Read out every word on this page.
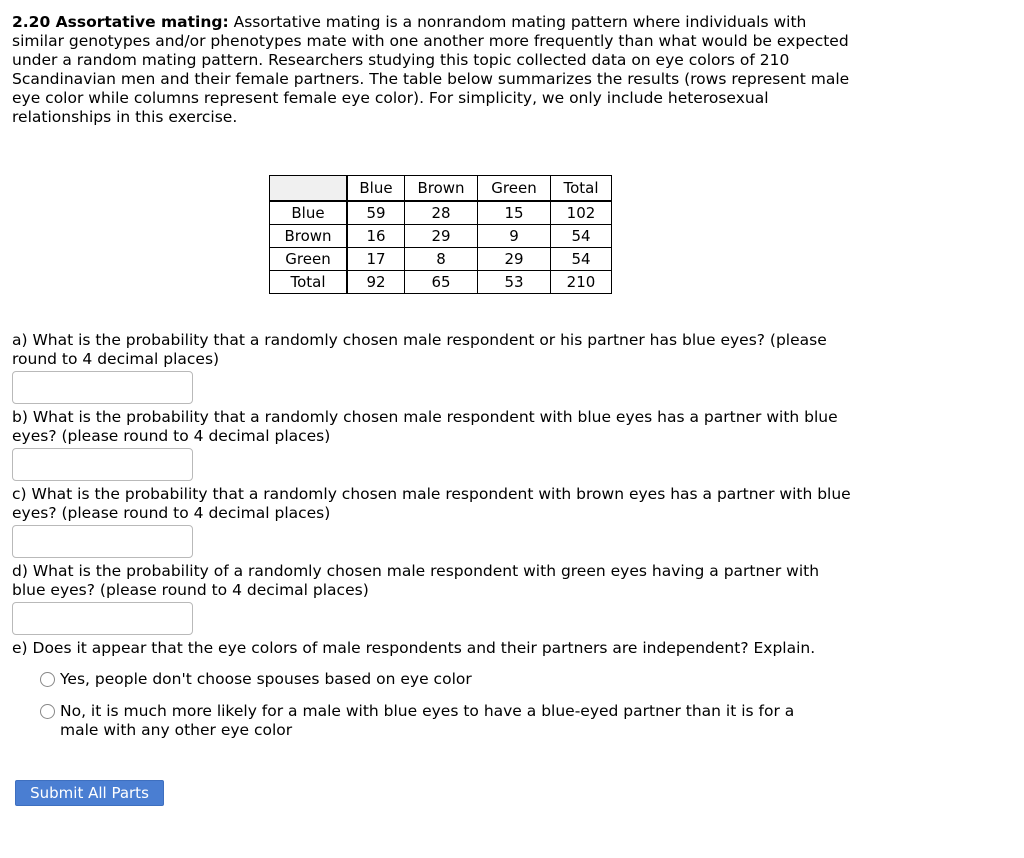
2.20 Assortative mating: Assortative mating is a nonrandom mating pattern where individuals with similar genotypes and/or phenotypes mate with one another more frequently than what would be expected under a random mating pattern. Researchers studying this topic collected data on eye colors of 210 Scandinavian men and their female partners. The table below summarizes the results (rows represent male eye color while columns represent female eye color). For simplicity, we only include heterosexual relationships in this exercise.
	Blue	Brown	Green	Total
Blue	59	28	15	102
Brown	16	29	9	54
Green	17	8	29	54
Total	92	65	53	210
a) What is the probability that a randomly chosen male respondent or his partner has blue eyes? (please round to 4 decimal places)
b) What is the probability that a randomly chosen male respondent with blue eyes has a partner with blue eyes? (please round to 4 decimal places)
c) What is the probability that a randomly chosen male respondent with brown eyes has a partner with blue eyes? (please round to 4 decimal places)
d) What is the probability of a randomly chosen male respondent with green eyes having a partner with blue eyes? (please round to 4 decimal places)
e) Does it appear that the eye colors of male respondents and their partners are independent? Explain.
Yes, people don't choose spouses based on eye color
No, it is much more likely for a male with blue eyes to have a blue-eyed partner than it is for a male with any other eye color
Submit All Parts
